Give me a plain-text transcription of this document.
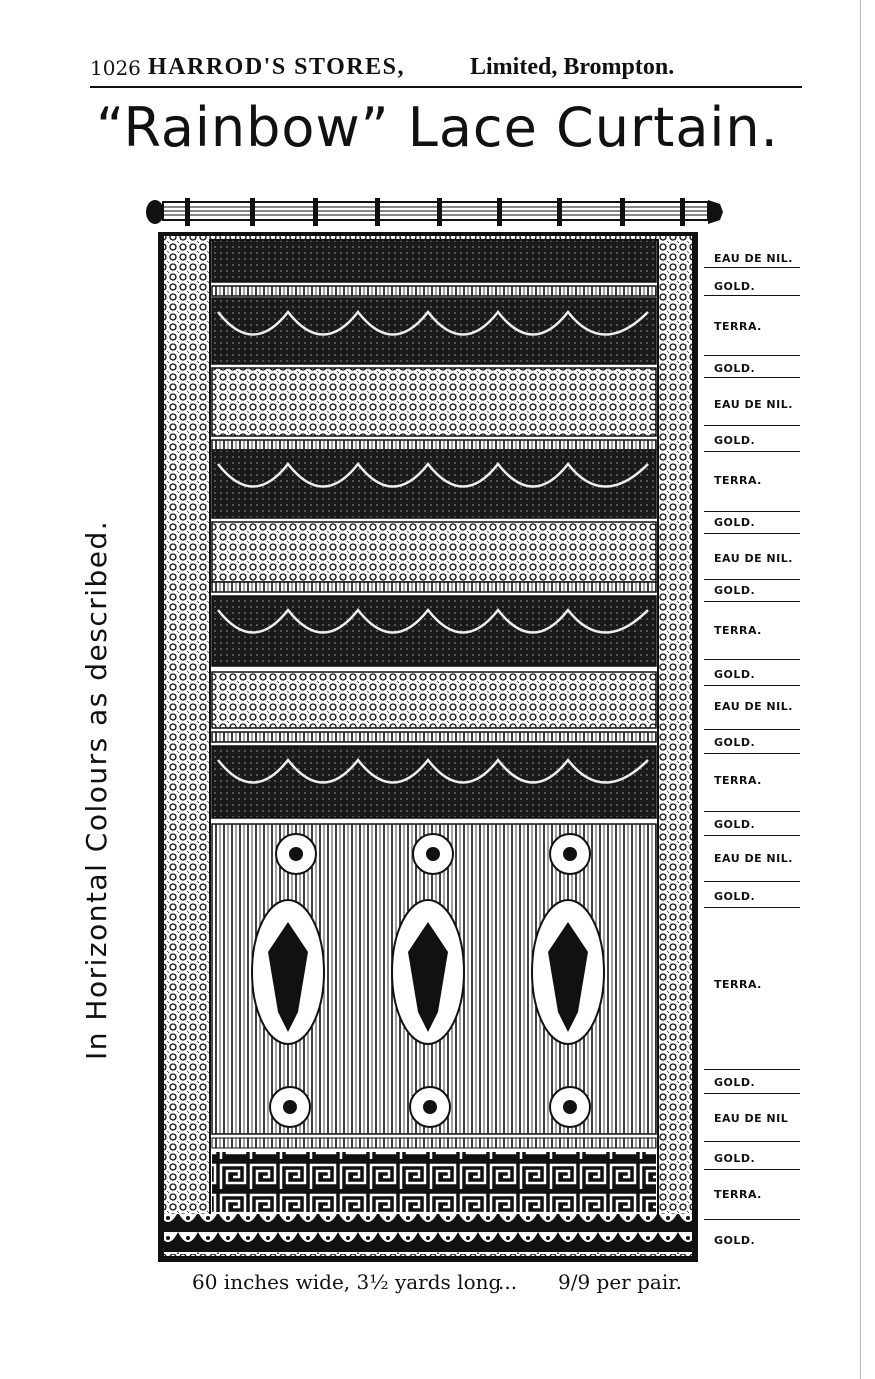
1026 HARROD'S STORES,	Limited, Brompton.
“Rainbow” Lace Curtain.
In Horizontal Colours as described.
EAU DE NIL.
GOLD.
TERRA.
GOLD.
EAU DE NIL.
GOLD.
TERRA.
GOLD.
EAU DE NIL.
GOLD.
TERRA.
GOLD.
EAU DE NIL.
GOLD.
TERRA.
GOLD.
EAU DE NIL.
GOLD.
TERRA.
GOLD.
EAU DE NIL
GOLD.
TERRA.
GOLD.
60 inches wide, 3½ yards long
... 9/9 per pair.
